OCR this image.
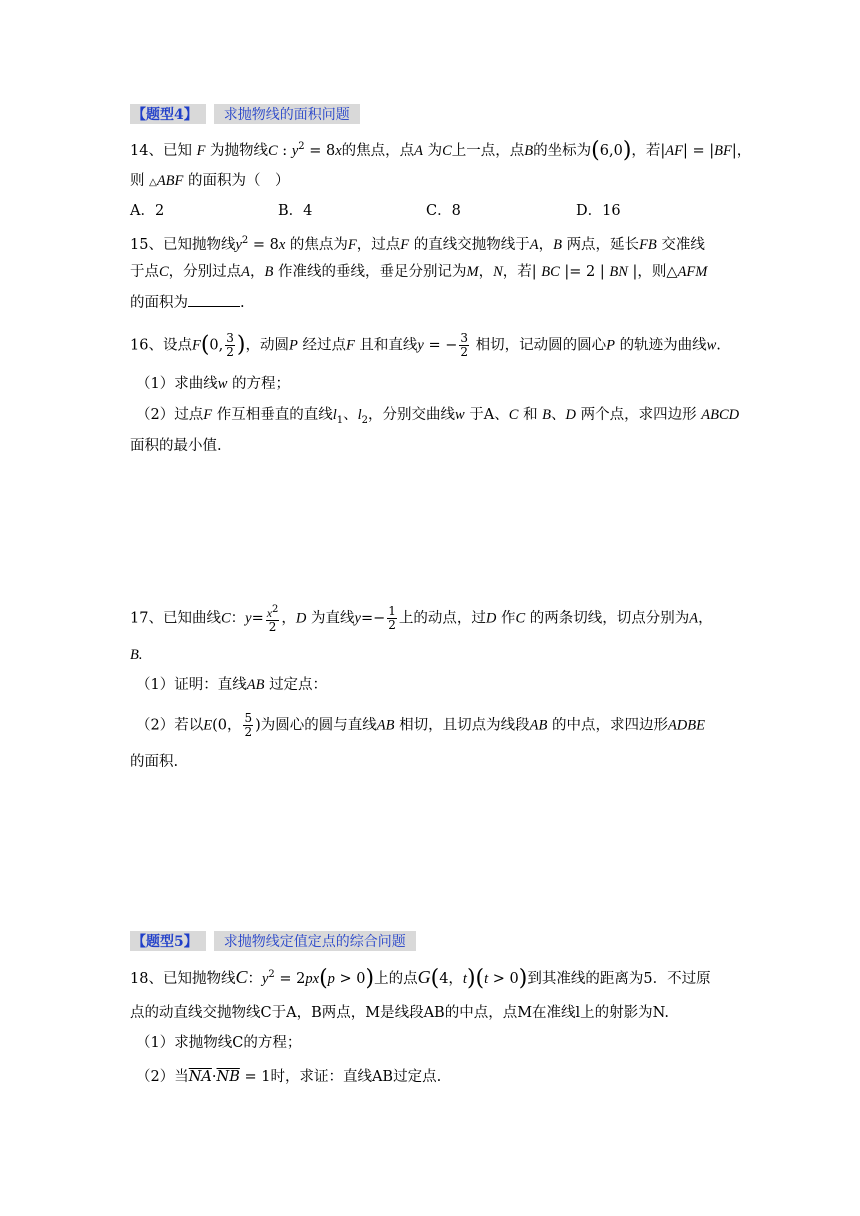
【题型4】 求抛物线的面积问题
14、已知 F 为抛物线C : $y^2 = 8x$的焦点，点A 为C上一点，点B的坐标为(6,0)，若|AF| = |BF|，
则 △ABF 的面积为（　）
A．2	B．4	C．8	D．16
15、已知抛物线$y^2 = 8x$ 的焦点为F，过点F 的直线交抛物线于A，B 两点，延长FB 交准线
于点C，分别过点A，B 作准线的垂线，垂足分别记为M，N，若| BC |= 2 | BN |，则△AFM
的面积为	.
16、设点F(0, $\frac{3}{2}$ )，动圆P 经过点F 且和直线y = − $\frac{3}{2}$ 相切，记动圆的圆心P 的轨迹为曲线w.
（1）求曲线w 的方程；
（2）过点F 作互相垂直的直线$l_1$、$l_2$，分别交曲线w 于A、C 和 B、D 两个点，求四边形 ABCD
面积的最小值.
17、已知曲线C：$y= \frac{x^2}{2}$ ，D 为直线$y=- \frac{1}{2}$ 上的动点，过D 作C 的两条切线，切点分别为A，
B.
（1）证明：直线AB 过定点：
（2）若以E(0， $\frac{5}{2}$ )为圆心的圆与直线AB 相切，且切点为线段AB 的中点，求四边形ADBE
的面积.
【题型5】 求抛物线定值定点的综合问题
18、已知抛物线C：$y^2 = 2px(p > 0)$上的点G(4，t)(t > 0)到其准线的距离为5．不过原
点的动直线交抛物线C于A，B两点，M是线段AB的中点，点M在准线l上的射影为N.
（1）求抛物线C的方程；
（2）当$\overline{NA}\cdot\overline{NB} = 1$时，求证：直线AB过定点.
